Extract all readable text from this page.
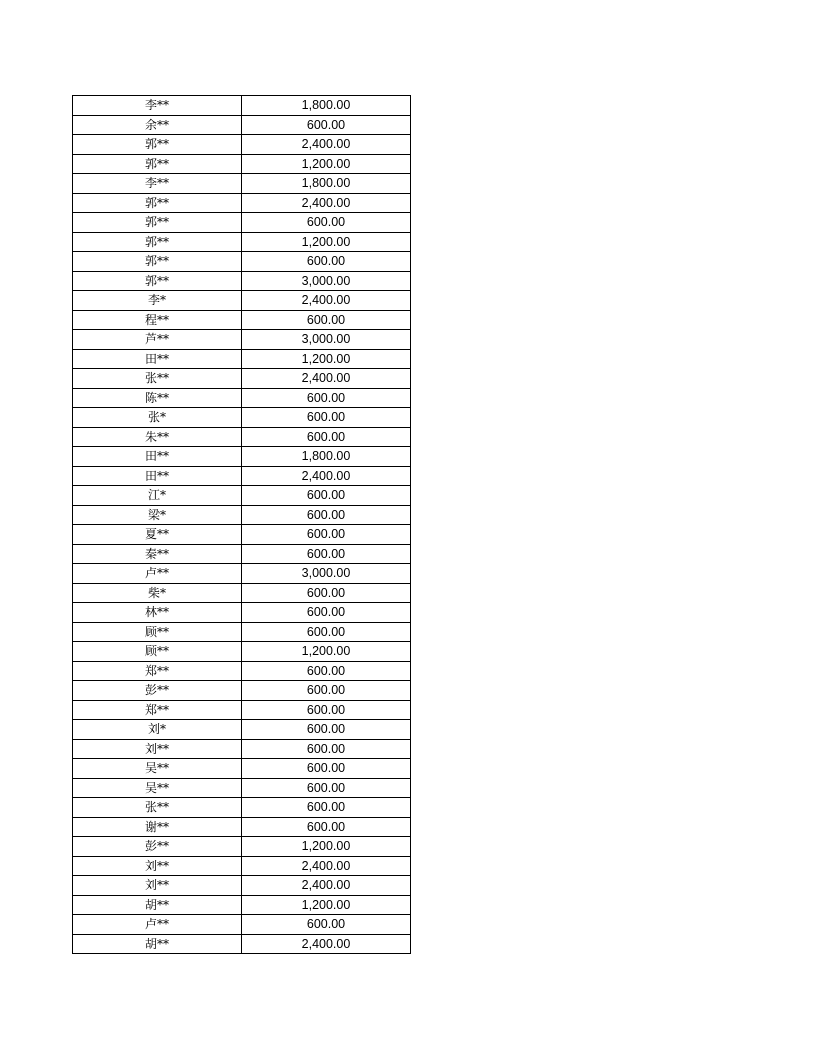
李**	1,800.00
余**	600.00
郭**	2,400.00
郭**	1,200.00
李**	1,800.00
郭**	2,400.00
郭**	600.00
郭**	1,200.00
郭**	600.00
郭**	3,000.00
李*	2,400.00
程**	600.00
芦**	3,000.00
田**	1,200.00
张**	2,400.00
陈**	600.00
张*	600.00
朱**	600.00
田**	1,800.00
田**	2,400.00
江*	600.00
梁*	600.00
夏**	600.00
秦**	600.00
卢**	3,000.00
柴*	600.00
林**	600.00
顾**	600.00
顾**	1,200.00
郑**	600.00
彭**	600.00
郑**	600.00
刘*	600.00
刘**	600.00
吴**	600.00
吴**	600.00
张**	600.00
谢**	600.00
彭**	1,200.00
刘**	2,400.00
刘**	2,400.00
胡**	1,200.00
卢**	600.00
胡**	2,400.00
